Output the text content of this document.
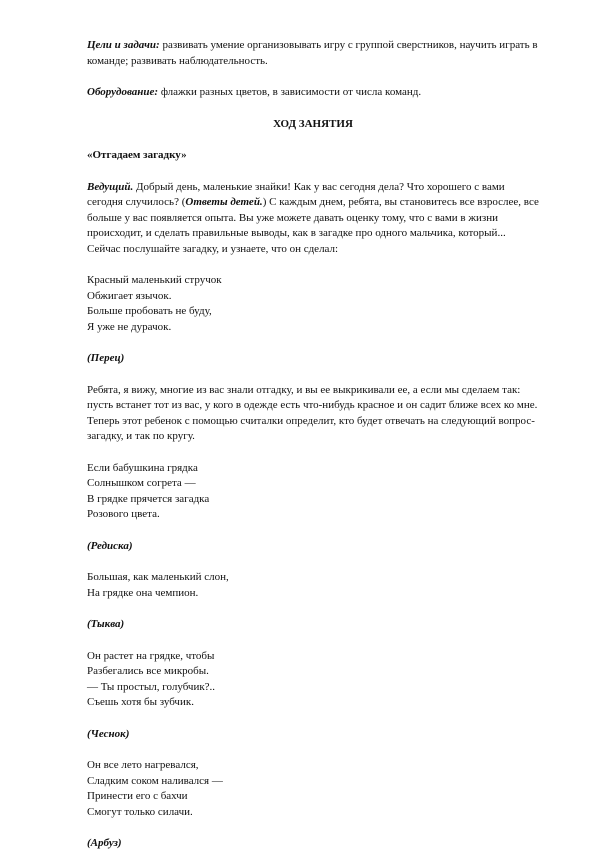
Цели и задачи: развивать умение организовывать игру с группой сверстников, научить играть в команде; развивать наблюдательность.

Оборудование: флажки разных цветов, в зависимости от числа команд.

ХОД ЗАНЯТИЯ

«Отгадаем загадку»

Ведущий. Добрый день, маленькие знайки! Как у вас сегодня дела? Что хорошего с вами сегодня случилось? (Ответы детей.) С каждым днем, ребята, вы становитесь все взрослее, все больше у вас появляется опыта. Вы уже можете давать оценку тому, что с вами в жизни происходит, и сделать правильные выводы, как в загадке про одного мальчика, который... Сейчас послушайте загадку, и узнаете, что он сделал:

Красный маленький стручок

Обжигает язычок.

Больше пробовать не буду,

Я уже не дурачок.

(Перец)

Ребята, я вижу, многие из вас знали отгадку, и вы ее выкрикивали ее, а если мы сделаем так: пусть встанет тот из вас, у кого в одежде есть что-нибудь красное и он садит ближе всех ко мне. Теперь этот ребенок с помощью считалки определит, кто будет отвечать на следующий вопрос-загадку, и так по кругу.

Если бабушкина грядка

Солнышком согрета —

В грядке прячется загадка

Розового цвета.

(Редиска)

Большая, как маленький слон,

На грядке она чемпион.

(Тыква)

Он растет на грядке, чтобы

Разбегались все микробы.

— Ты простыл, голубчик?..

Съешь хотя бы зубчик.

(Чеснок)

Он все лето нагревался,

Сладким соком наливался —

Принести его с бахчи

Смогут только силачи.

(Арбуз)
